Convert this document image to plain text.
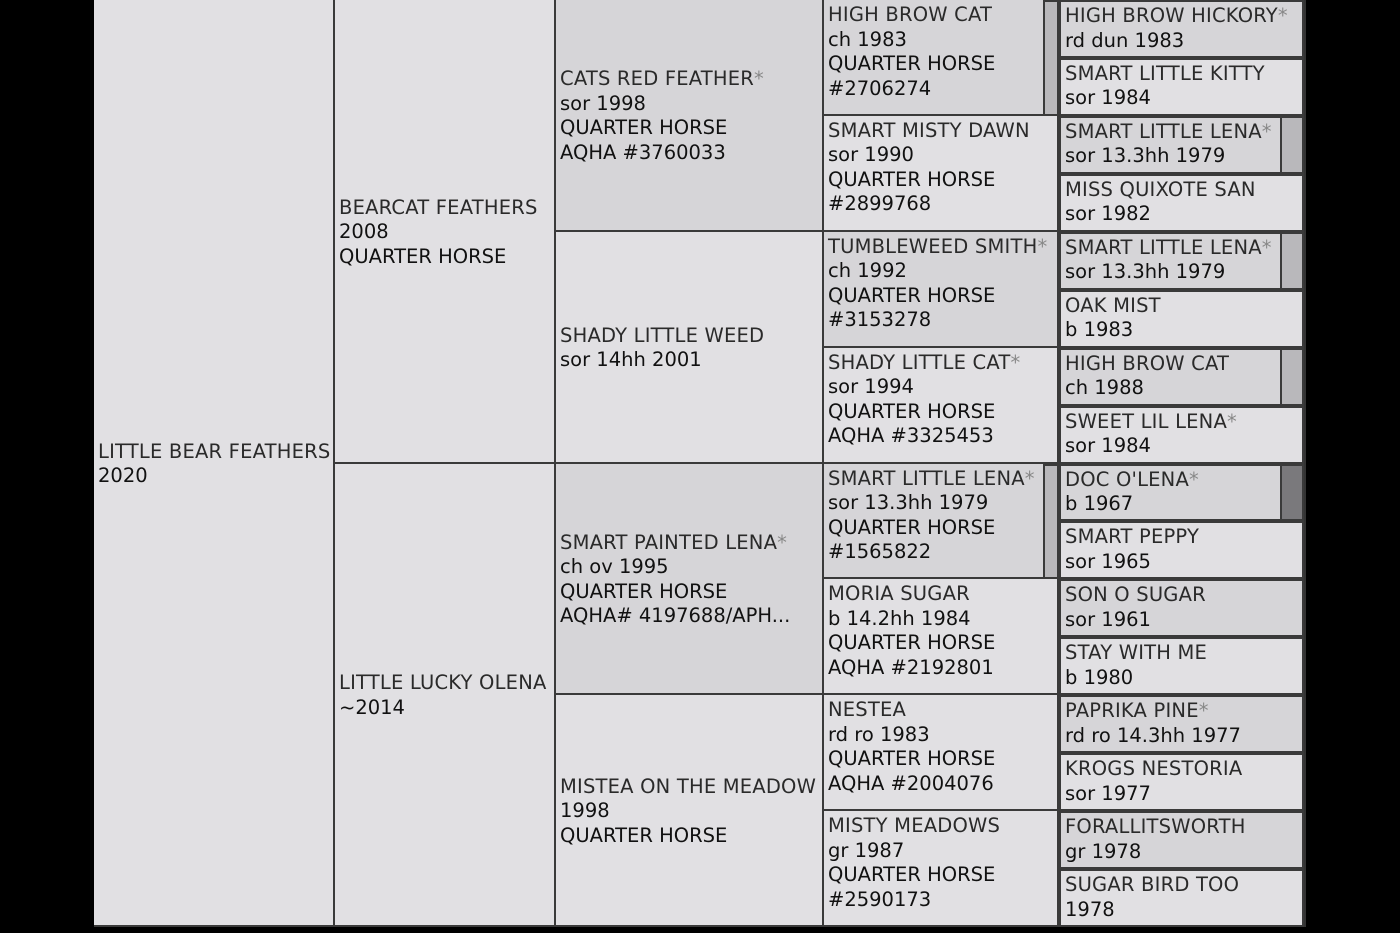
LITTLE BEAR FEATHERS
2020
BEARCAT FEATHERS
2008
QUARTER HORSE
LITTLE LUCKY OLENA
~2014
CATS RED FEATHER*
sor 1998
QUARTER HORSE
AQHA #3760033
SHADY LITTLE WEED
sor 14hh 2001
SMART PAINTED LENA*
ch ov 1995
QUARTER HORSE
AQHA# 4197688/APH...
MISTEA ON THE MEADOW
1998
QUARTER HORSE
HIGH BROW CAT
ch 1983
QUARTER HORSE
#2706274
SMART MISTY DAWN
sor 1990
QUARTER HORSE
#2899768
TUMBLEWEED SMITH*
ch 1992
QUARTER HORSE
#3153278
SHADY LITTLE CAT*
sor 1994
QUARTER HORSE
AQHA #3325453
SMART LITTLE LENA*
sor 13.3hh 1979
QUARTER HORSE
#1565822
MORIA SUGAR
b 14.2hh 1984
QUARTER HORSE
AQHA #2192801
NESTEA
rd ro 1983
QUARTER HORSE
AQHA #2004076
MISTY MEADOWS
gr 1987
QUARTER HORSE
#2590173
HIGH BROW HICKORY*
rd dun 1983
SMART LITTLE KITTY
sor 1984
SMART LITTLE LENA*
sor 13.3hh 1979
MISS QUIXOTE SAN
sor 1982
SMART LITTLE LENA*
sor 13.3hh 1979
OAK MIST
b 1983
HIGH BROW CAT
ch 1988
SWEET LIL LENA*
sor 1984
DOC O'LENA*
b 1967
SMART PEPPY
sor 1965
SON O SUGAR
sor 1961
STAY WITH ME
b 1980
PAPRIKA PINE*
rd ro 14.3hh 1977
KROGS NESTORIA
sor 1977
FORALLITSWORTH
gr 1978
SUGAR BIRD TOO
1978
